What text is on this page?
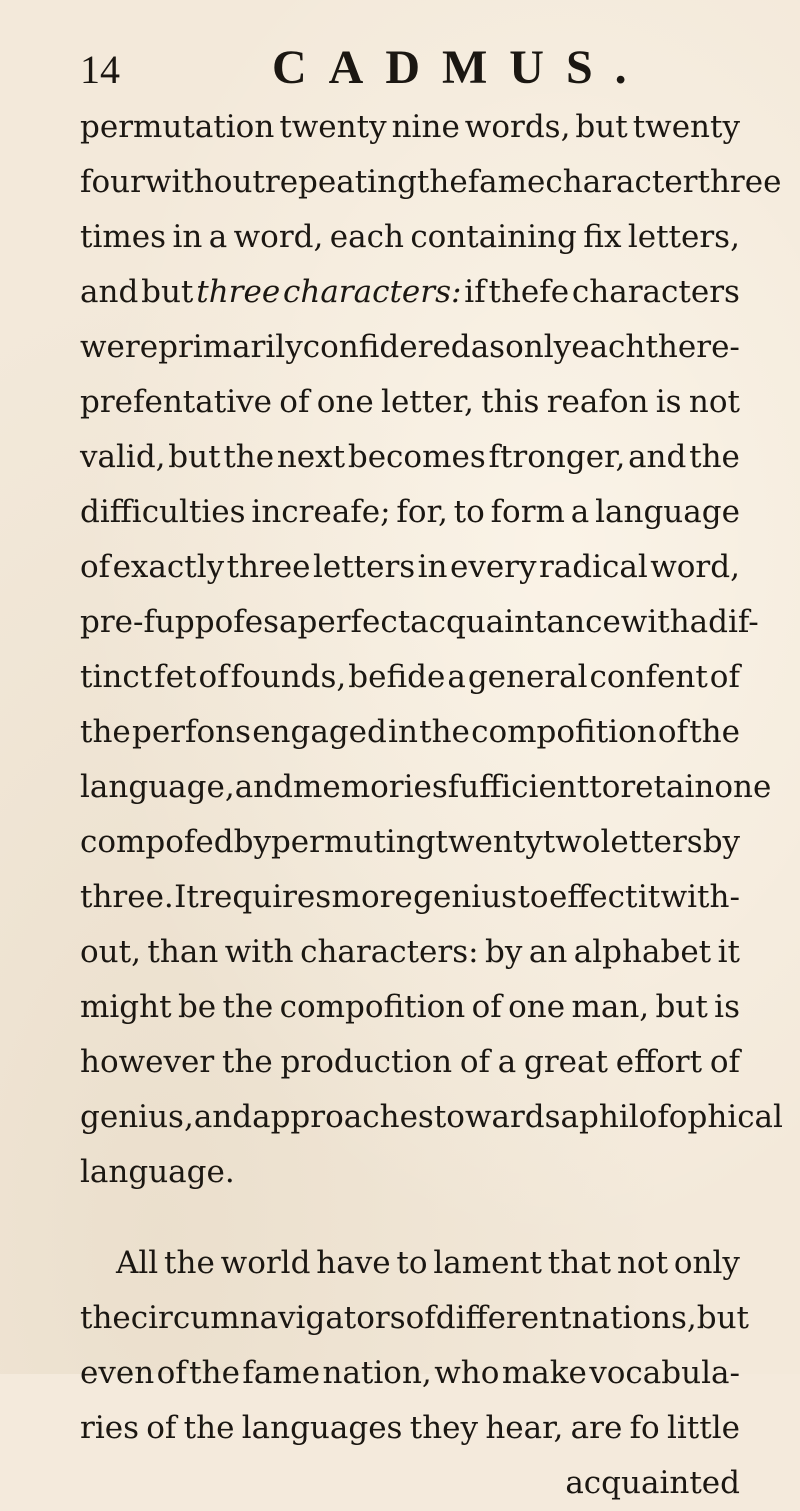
14	CADMUS.
permutation twenty nine words, but twenty
four without repeating the fame character three
times in a word, each containing fix letters,
and but three characters: if thefe characters
were primarily confidered as only each the re-
prefentative of one letter, this reafon is not
valid, but the next becomes ftronger, and the
difficulties increafe; for, to form a language
of exactly three letters in every radical word,
pre-fuppofes a perfect acquaintance with a dif-
tinct fet of founds, befide a general confent of
the perfons engaged in the compofition of the
language, and memories fufficient to retain one
compofed by permuting twenty two letters by
three. It requires more genius to effect it with-
out, than with characters: by an alphabet it
might be the compofition of one man, but is
however the production of a great effort of
genius, and approaches towards a philofophical
language.
All the world have to lament that not only
the circumnavigators of different nations, but
even of the fame nation, who make vocabula-
ries of the languages they hear, are fo little
acquainted
